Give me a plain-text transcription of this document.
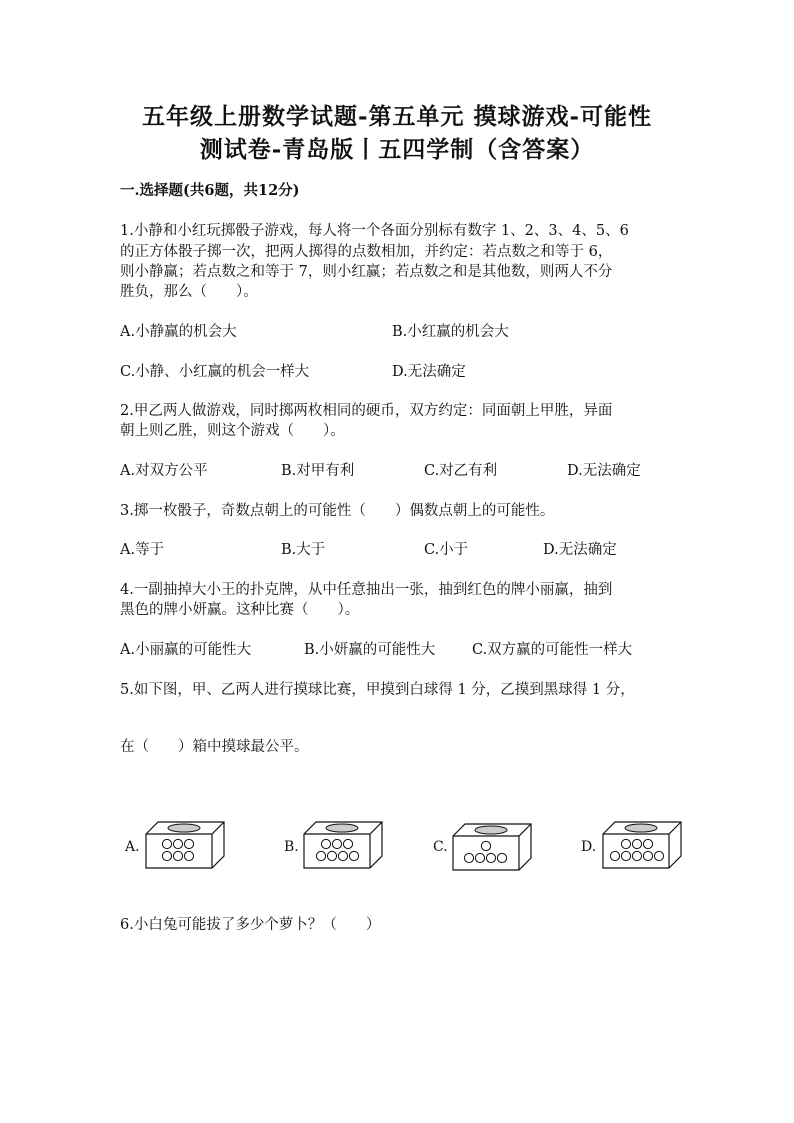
五年级上册数学试题-第五单元 摸球游戏-可能性
测试卷-青岛版丨五四学制（含答案）
一.选择题(共6题，共12分)
1.小静和小红玩掷骰子游戏，每人将一个各面分别标有数字 1、2、3、4、5、6
的正方体骰子掷一次，把两人掷得的点数相加，并约定：若点数之和等于 6，
则小静赢；若点数之和等于 7，则小红赢；若点数之和是其他数，则两人不分
胜负，那么（　　）。
A.小静赢的机会大	B.小红赢的机会大
C.小静、小红赢的机会一样大	D.无法确定
2.甲乙两人做游戏，同时掷两枚相同的硬币，双方约定：同面朝上甲胜，异面
朝上则乙胜，则这个游戏（　　）。
A.对双方公平	B.对甲有利	C.对乙有利	D.无法确定
3.掷一枚骰子，奇数点朝上的可能性（　　）偶数点朝上的可能性。
A.等于	B.大于	C.小于	D.无法确定
4.一副抽掉大小王的扑克牌，从中任意抽出一张，抽到红色的牌小丽赢，抽到
黑色的牌小妍赢。这种比赛（　　）。
A.小丽赢的可能性大	B.小妍赢的可能性大	C.双方赢的可能性一样大
5.如下图，甲、乙两人进行摸球比赛，甲摸到白球得 1 分，乙摸到黑球得 1 分，
在（　　）箱中摸球最公平。
A.	B.	C.	D.
6.小白兔可能拔了多少个萝卜？（　　）
